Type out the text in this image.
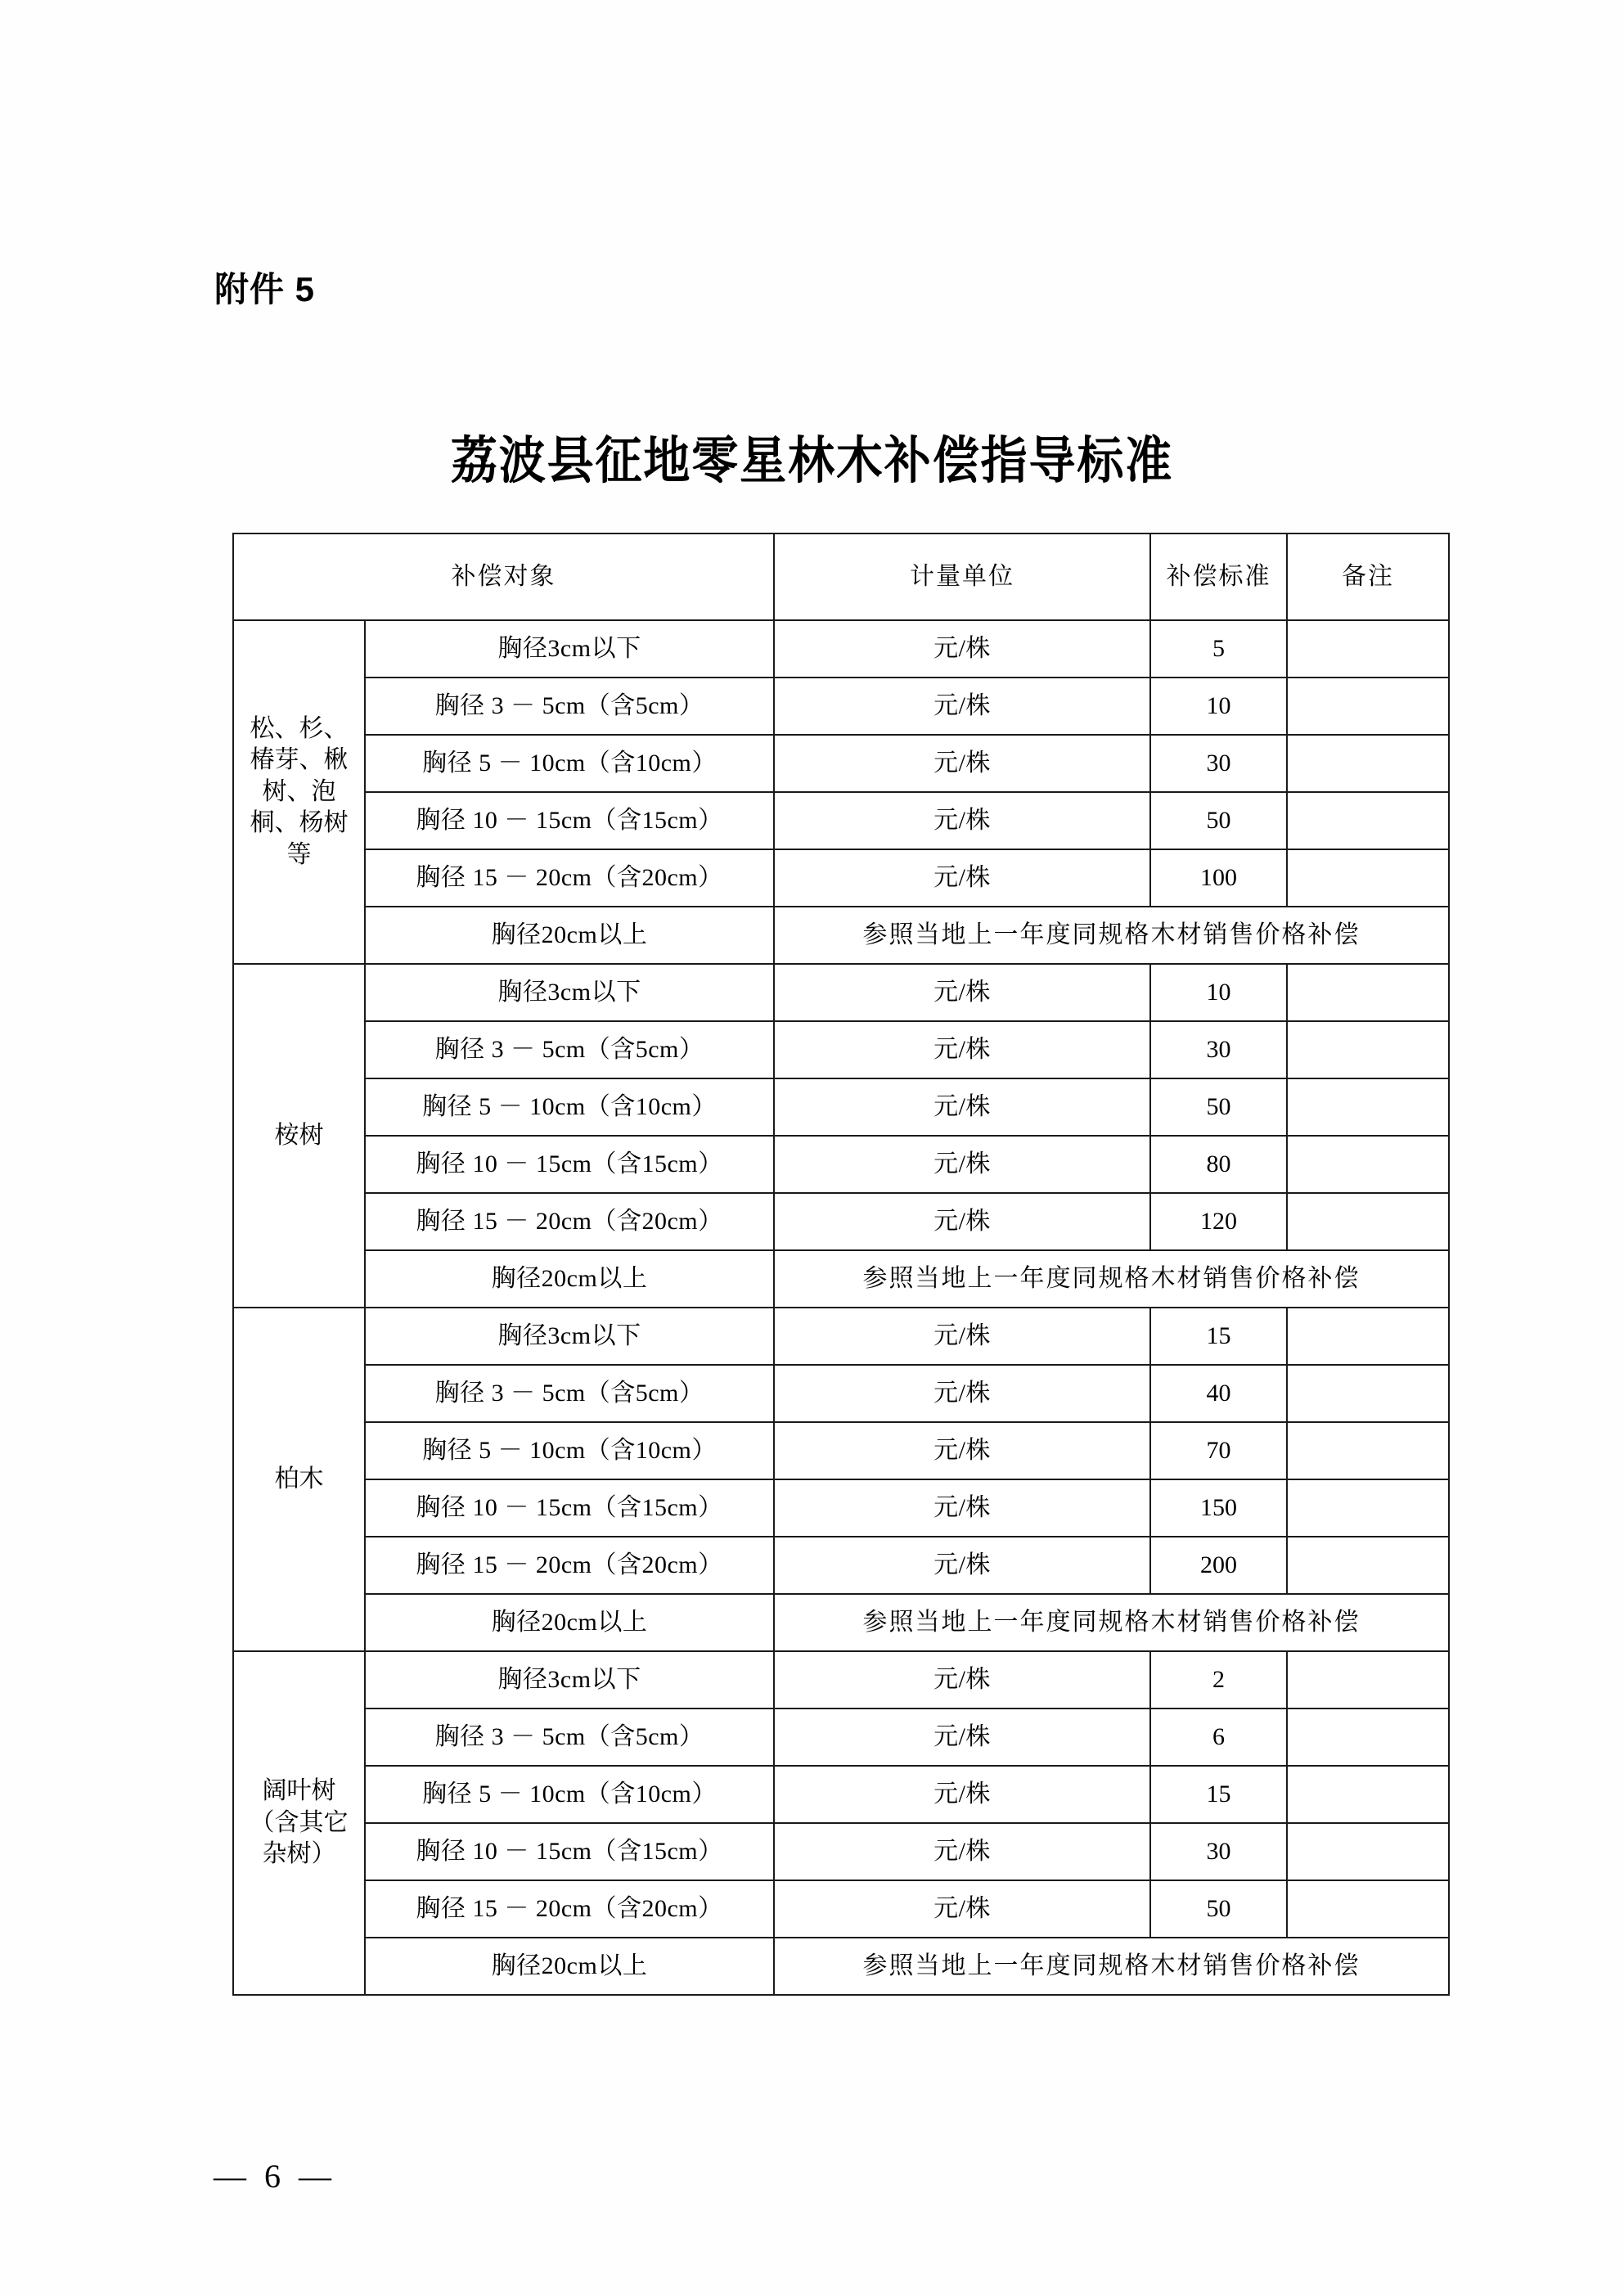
附件 5
荔波县征地零星林木补偿指导标准
补偿对象		计量单位	补偿标准	备注
松、杉、椿芽、楸树、泡桐、杨树等	胸径3cm以下	元/株	5	
	胸径 3 － 5cm（含5cm）	元/株	10	
	胸径 5 － 10cm（含10cm）	元/株	30	
	胸径 10 － 15cm（含15cm）	元/株	50	
	胸径 15 － 20cm（含20cm）	元/株	100	
	胸径20cm以上	参照当地上一年度同规格木材销售价格补偿		
桉树	胸径3cm以下	元/株	10	
	胸径 3 － 5cm（含5cm）	元/株	30	
	胸径 5 － 10cm（含10cm）	元/株	50	
	胸径 10 － 15cm（含15cm）	元/株	80	
	胸径 15 － 20cm（含20cm）	元/株	120	
	胸径20cm以上	参照当地上一年度同规格木材销售价格补偿		
柏木	胸径3cm以下	元/株	15	
	胸径 3 － 5cm（含5cm）	元/株	40	
	胸径 5 － 10cm（含10cm）	元/株	70	
	胸径 10 － 15cm（含15cm）	元/株	150	
	胸径 15 － 20cm（含20cm）	元/株	200	
	胸径20cm以上	参照当地上一年度同规格木材销售价格补偿		
阔叶树（含其它杂树）	胸径3cm以下	元/株	2	
	胸径 3 － 5cm（含5cm）	元/株	6	
	胸径 5 － 10cm（含10cm）	元/株	15	
	胸径 10 － 15cm（含15cm）	元/株	30	
	胸径 15 － 20cm（含20cm）	元/株	50	
	胸径20cm以上	参照当地上一年度同规格木材销售价格补偿		
— 6 —
